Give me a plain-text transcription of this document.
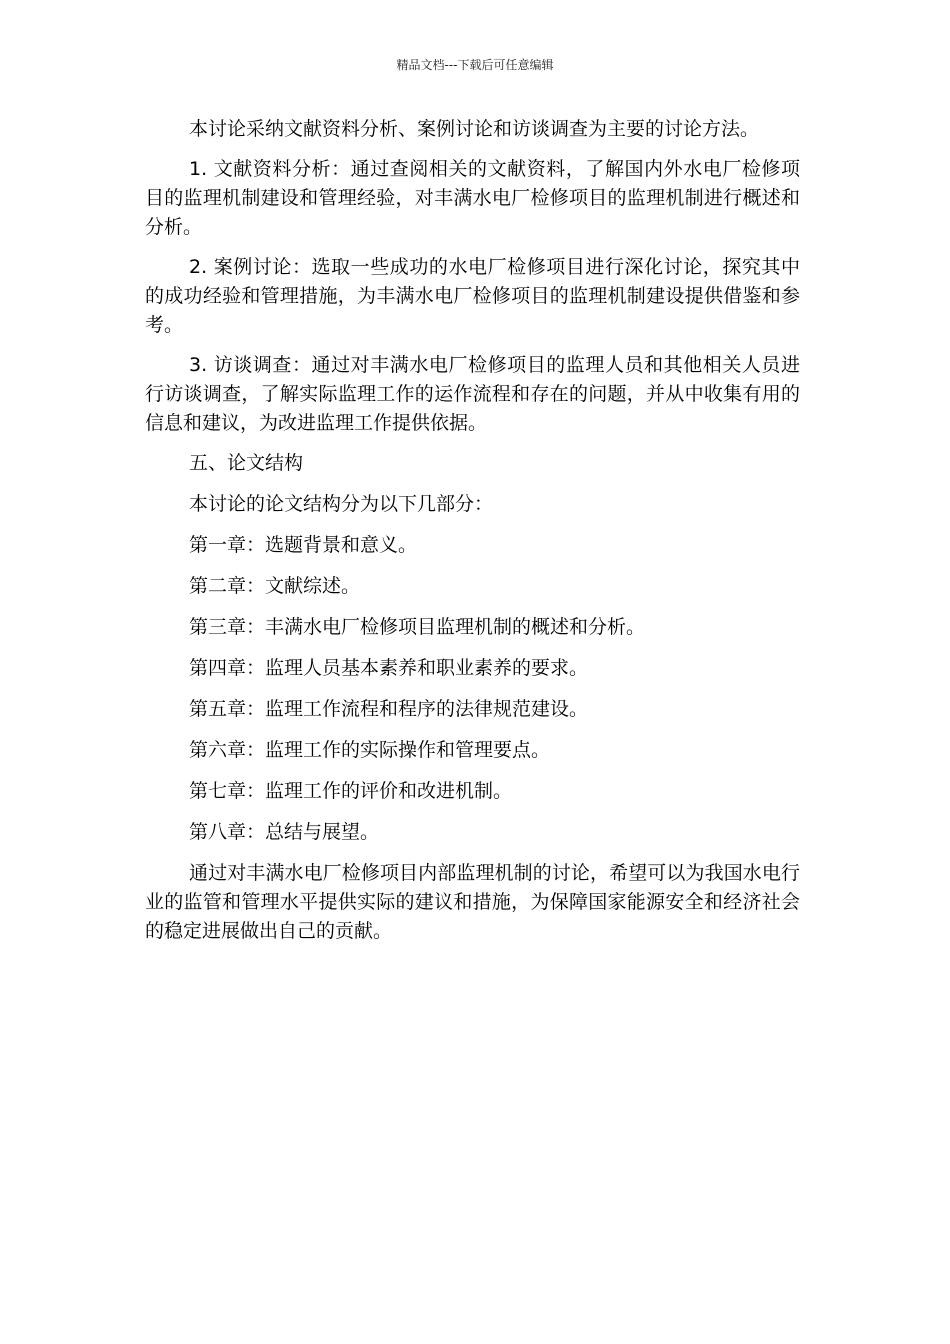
精品文档---下载后可任意编辑

本讨论采纳文献资料分析、案例讨论和访谈调查为主要的讨论方法。

1. 文献资料分析：通过查阅相关的文献资料，了解国内外水电厂检修项目的监理机制建设和管理经验，对丰满水电厂检修项目的监理机制进行概述和分析。

2. 案例讨论：选取一些成功的水电厂检修项目进行深化讨论，探究其中的成功经验和管理措施，为丰满水电厂检修项目的监理机制建设提供借鉴和参考。

3. 访谈调查：通过对丰满水电厂检修项目的监理人员和其他相关人员进行访谈调查，了解实际监理工作的运作流程和存在的问题，并从中收集有用的信息和建议，为改进监理工作提供依据。

五、论文结构

本讨论的论文结构分为以下几部分：

第一章：选题背景和意义。

第二章：文献综述。

第三章：丰满水电厂检修项目监理机制的概述和分析。

第四章：监理人员基本素养和职业素养的要求。

第五章：监理工作流程和程序的法律规范建设。

第六章：监理工作的实际操作和管理要点。

第七章：监理工作的评价和改进机制。

第八章：总结与展望。

通过对丰满水电厂检修项目内部监理机制的讨论，希望可以为我国水电行业的监管和管理水平提供实际的建议和措施，为保障国家能源安全和经济社会的稳定进展做出自己的贡献。
